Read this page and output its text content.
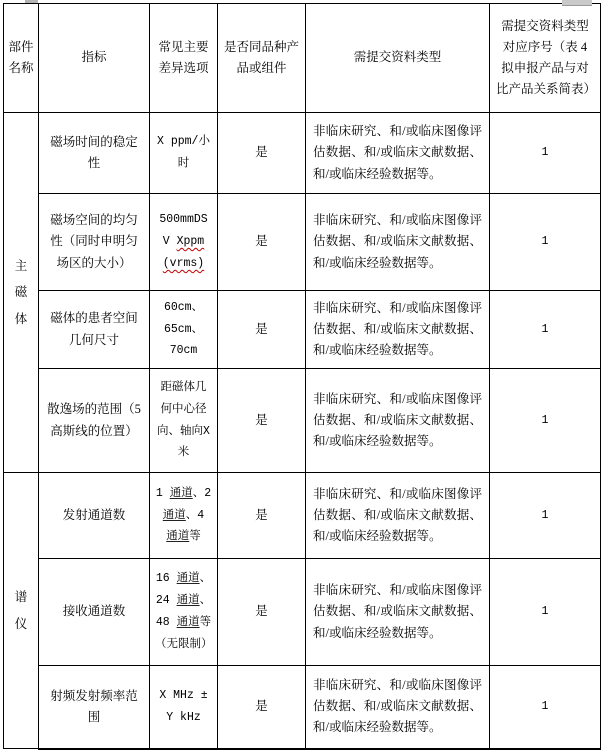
部件名称	指标	常见主要差异选项	是否同品种产品或组件	需提交资料类型	需提交资料类型对应序号（表 4 拟申报产品与对比产品关系简表）
主磁体	磁场时间的稳定性	X ppm/小时	是	非临床研究、和/或临床图像评估数据、和/或临床文献数据、和/或临床经验数据等。	1
	磁场空间的均匀性（同时申明匀场区的大小）	500mmDS
V Xppm
(vrms)	是	非临床研究、和/或临床图像评估数据、和/或临床文献数据、和/或临床经验数据等。	1
	磁体的患者空间几何尺寸	60cm、
65cm、
70cm	是	非临床研究、和/或临床图像评估数据、和/或临床文献数据、和/或临床经验数据等。	1
	散逸场的范围（5 高斯线的位置）	距磁体几何中心径向、轴向X米	是	非临床研究、和/或临床图像评估数据、和/或临床文献数据、和/或临床经验数据等。	1
谱仪	发射通道数	1 通道、2 通道、4 通道等	是	非临床研究、和/或临床图像评估数据、和/或临床文献数据、和/或临床经验数据等。	1
	接收通道数	16 通道、24 通道、48 通道等（无限制）	是	非临床研究、和/或临床图像评估数据、和/或临床文献数据、和/或临床经验数据等。	1
	射频发射频率范围	X MHz ± Y kHz	是	非临床研究、和/或临床图像评估数据、和/或临床文献数据、和/或临床经验数据等。	1
